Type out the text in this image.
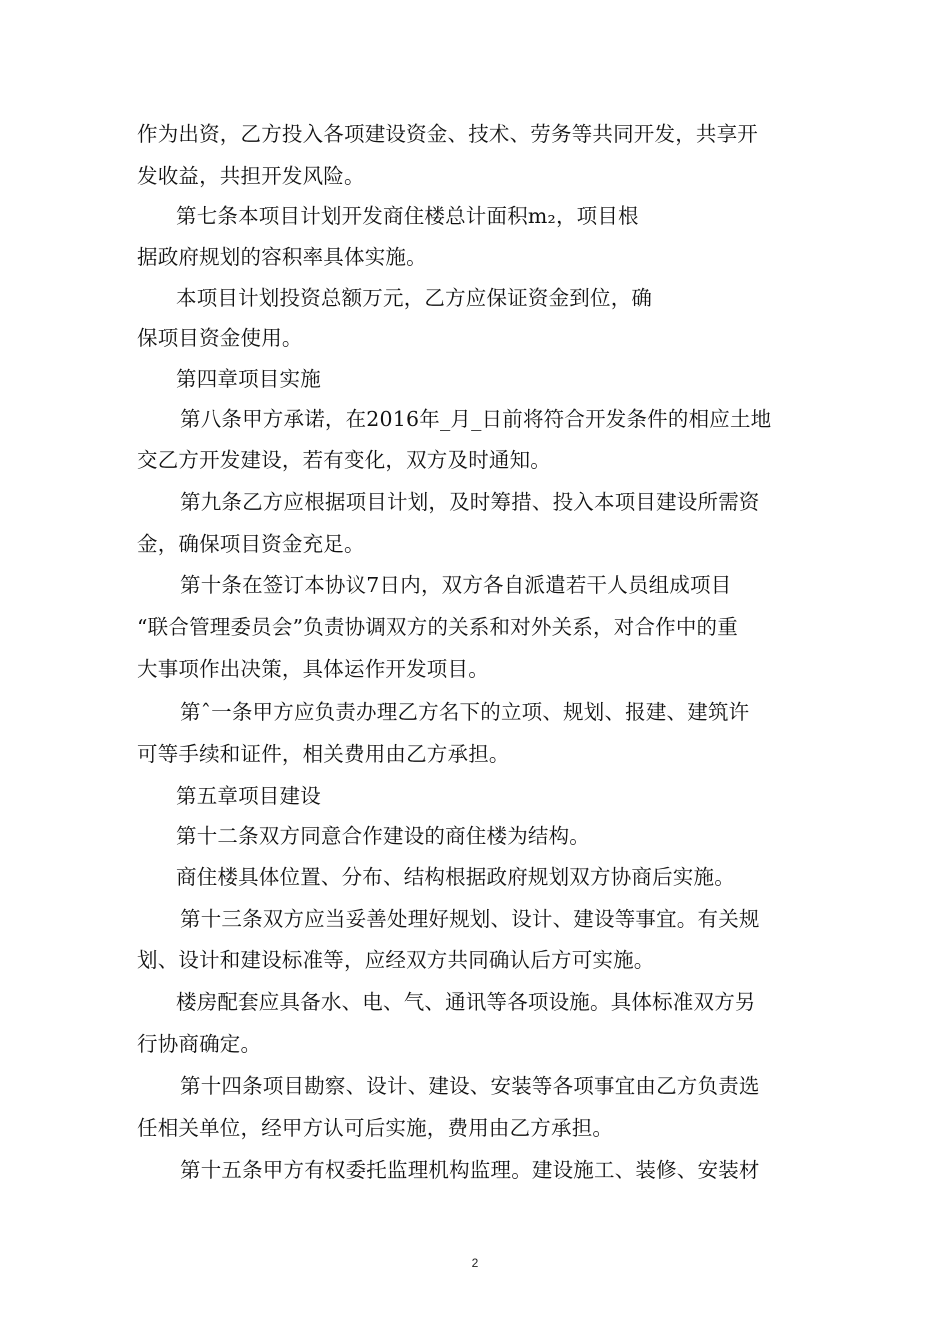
作为出资，乙方投入各项建设资金、技术、劳务等共同开发，共享开
发收益，共担开发风险。
第七条本项目计划开发商住楼总计面积m₂，项目根
据政府规划的容积率具体实施。
本项目计划投资总额万元，乙方应保证资金到位，确
保项目资金使用。
第四章项目实施
第八条甲方承诺，在2016年_月_日前将符合开发条件的相应土地
交乙方开发建设，若有变化，双方及时通知。
第九条乙方应根据项目计划，及时筹措、投入本项目建设所需资
金，确保项目资金充足。
第十条在签订本协议7日内，双方各自派遣若干人员组成项目
“联合管理委员会”负责协调双方的关系和对外关系，对合作中的重
大事项作出决策，具体运作开发项目。
第ˆ一条甲方应负责办理乙方名下的立项、规划、报建、建筑许
可等手续和证件，相关费用由乙方承担。
第五章项目建设
第十二条双方同意合作建设的商住楼为结构。
商住楼具体位置、分布、结构根据政府规划双方协商后实施。
第十三条双方应当妥善处理好规划、设计、建设等事宜。有关规
划、设计和建设标准等，应经双方共同确认后方可实施。
楼房配套应具备水、电、气、通讯等各项设施。具体标准双方另
行协商确定。
第十四条项目勘察、设计、建设、安装等各项事宜由乙方负责选
任相关单位，经甲方认可后实施，费用由乙方承担。
第十五条甲方有权委托监理机构监理。建设施工、装修、安装材
2
